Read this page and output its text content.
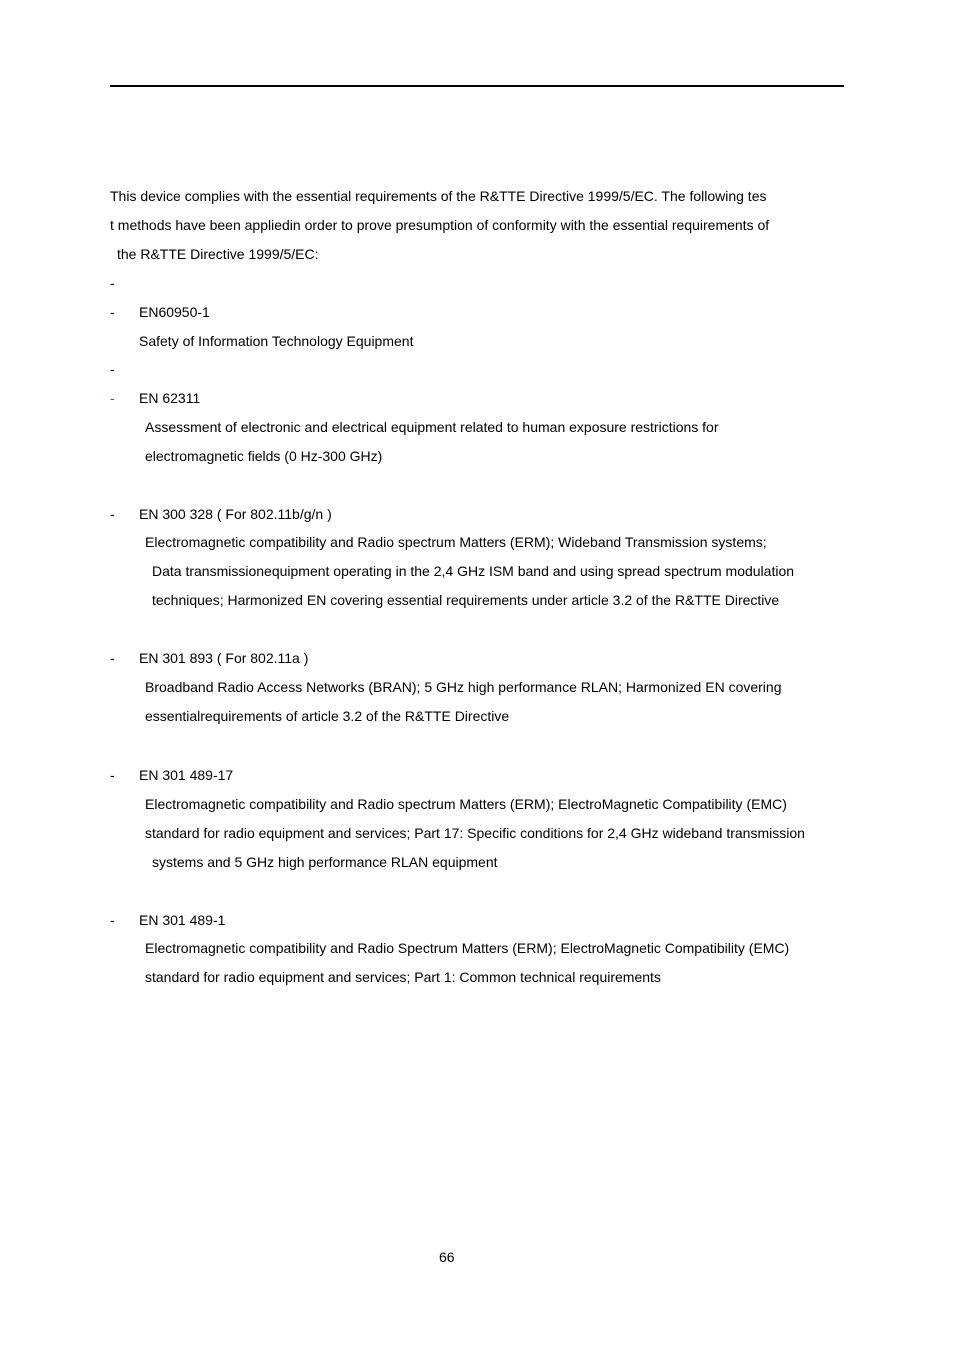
This device complies with the essential requirements of the R&TTE Directive 1999/5/EC. The following tes

t methods have been appliedin order to prove presumption of conformity with the essential requirements of

the R&TTE Directive 1999/5/EC:

-
- EN60950-1

Safety of Information Technology Equipment

-
- EN 62311

Assessment of electronic and electrical equipment related to human exposure restrictions for

electromagnetic fields (0 Hz-300 GHz)

- EN 300 328 ( For 802.11b/g/n )

Electromagnetic compatibility and Radio spectrum Matters (ERM); Wideband Transmission systems;

Data transmissionequipment operating in the 2,4 GHz ISM band and using spread spectrum modulation

techniques; Harmonized EN covering essential requirements under article 3.2 of the R&TTE Directive

- EN 301 893 ( For 802.11a )

Broadband Radio Access Networks (BRAN); 5 GHz high performance RLAN; Harmonized EN covering

essentialrequirements of article 3.2 of the R&TTE Directive

- EN 301 489-17

Electromagnetic compatibility and Radio spectrum Matters (ERM); ElectroMagnetic Compatibility (EMC)

standard for radio equipment and services; Part 17: Specific conditions for 2,4 GHz wideband transmission

systems and 5 GHz high performance RLAN equipment

- EN 301 489-1

Electromagnetic compatibility and Radio Spectrum Matters (ERM); ElectroMagnetic Compatibility (EMC)

standard for radio equipment and services; Part 1: Common technical requirements

66
